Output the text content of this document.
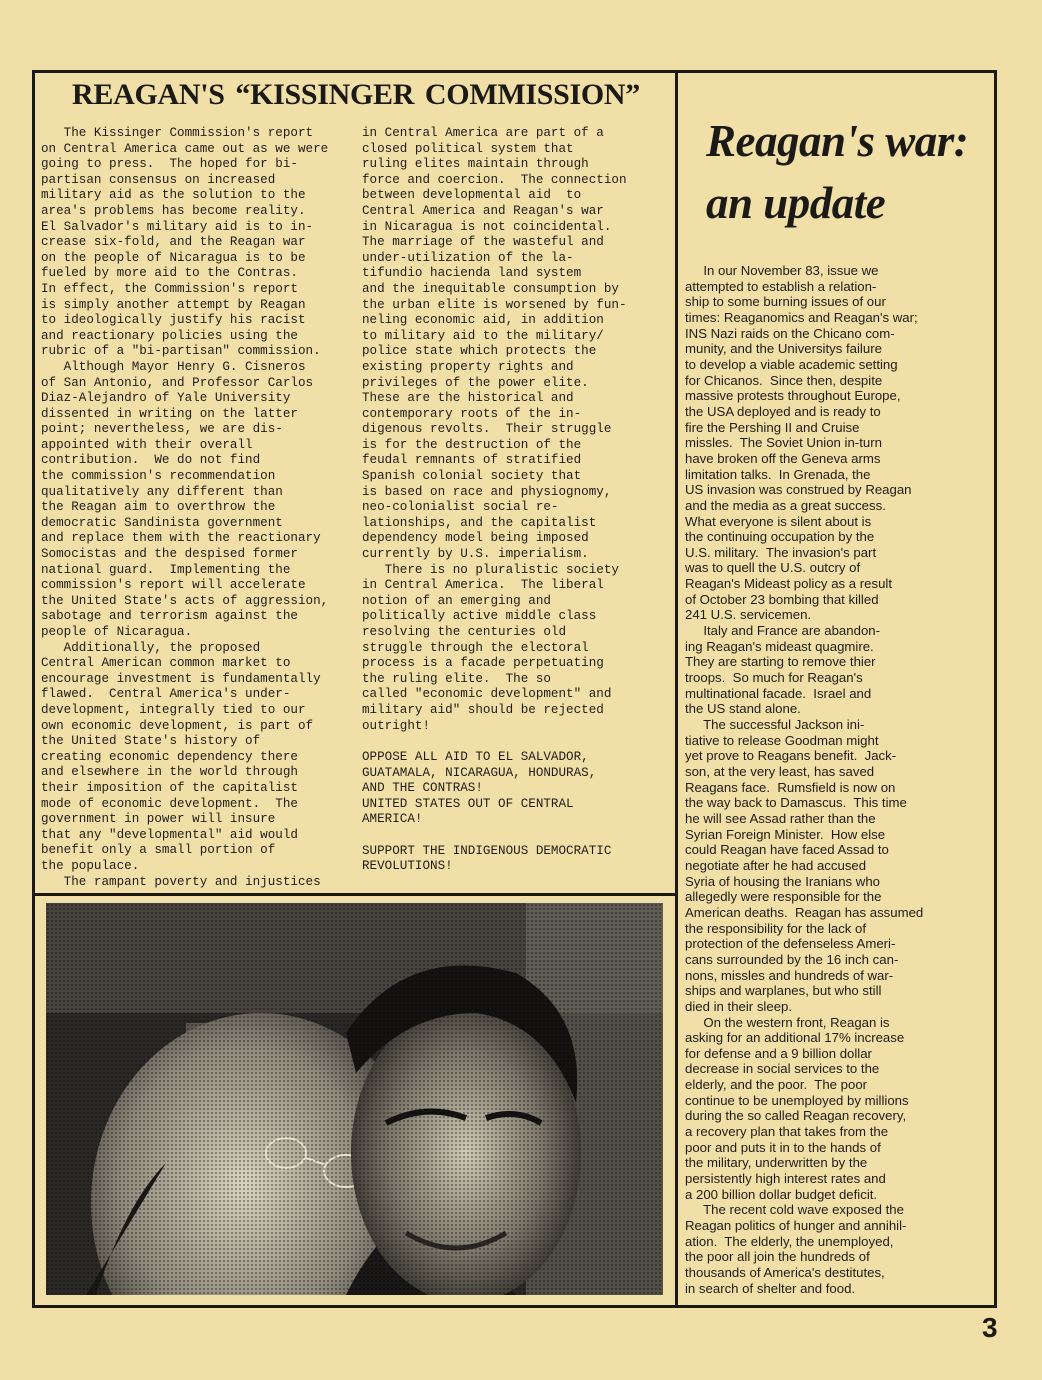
REAGAN'S “KISSINGER COMMISSION”
The Kissinger Commission's report
on Central America came out as we were
going to press.  The hoped for bi-
partisan consensus on increased
military aid as the solution to the
area's problems has become reality.
El Salvador's military aid is to in-
crease six-fold, and the Reagan war
on the people of Nicaragua is to be
fueled by more aid to the Contras.
In effect, the Commission's report
is simply another attempt by Reagan
to ideologically justify his racist
and reactionary policies using the
rubric of a "bi-partisan" commission.
Although Mayor Henry G. Cisneros
of San Antonio, and Professor Carlos
Diaz-Alejandro of Yale University
dissented in writing on the latter
point; nevertheless, we are dis-
appointed with their overall
contribution.  We do not find
the commission's recommendation
qualitatively any different than
the Reagan aim to overthrow the
democratic Sandinista government
and replace them with the reactionary
Somocistas and the despised former
national guard.  Implementing the
commission's report will accelerate
the United State's acts of aggression,
sabotage and terrorism against the
people of Nicaragua.
Additionally, the proposed
Central American common market to
encourage investment is fundamentally
flawed.  Central America's under-
development, integrally tied to our
own economic development, is part of
the United State's history of
creating economic dependency there
and elsewhere in the world through
their imposition of the capitalist
mode of economic development.  The
government in power will insure
that any "developmental" aid would
benefit only a small portion of
the populace.
The rampant poverty and injustices
in Central America are part of a
closed political system that
ruling elites maintain through
force and coercion.  The connection
between developmental aid  to
Central America and Reagan's war
in Nicaragua is not coincidental.
The marriage of the wasteful and
under-utilization of the la-
tifundio hacienda land system
and the inequitable consumption by
the urban elite is worsened by fun-
neling economic aid, in addition
to military aid to the military/
police state which protects the
existing property rights and
privileges of the power elite.
These are the historical and
contemporary roots of the in-
digenous revolts.  Their struggle
is for the destruction of the
feudal remnants of stratified
Spanish colonial society that
is based on race and physiognomy,
neo-colonialist social re-
lationships, and the capitalist
dependency model being imposed
currently by U.S. imperialism.
There is no pluralistic society
in Central America.  The liberal
notion of an emerging and
politically active middle class
resolving the centuries old
struggle through the electoral
process is a facade perpetuating
the ruling elite.  The so
called "economic development" and
military aid" should be rejected
outright!
OPPOSE ALL AID TO EL SALVADOR,
GUATAMALA, NICARAGUA, HONDURAS,
AND THE CONTRAS!
UNITED STATES OUT OF CENTRAL
AMERICA!

SUPPORT THE INDIGENOUS DEMOCRATIC
REVOLUTIONS!
Reagan's war: an update
In our November 83, issue we
attempted to establish a relation-
ship to some burning issues of our
times: Reaganomics and Reagan's war;
INS Nazi raids on the Chicano com-
munity, and the Universitys failure
to develop a viable academic setting
for Chicanos.  Since then, despite
massive protests throughout Europe,
the USA deployed and is ready to
fire the Pershing II and Cruise
missles.  The Soviet Union in-turn
have broken off the Geneva arms
limitation talks.  In Grenada, the
US invasion was construed by Reagan
and the media as a great success.
What everyone is silent about is
the continuing occupation by the
U.S. military.  The invasion's part
was to quell the U.S. outcry of
Reagan's Mideast policy as a result
of October 23 bombing that killed
241 U.S. servicemen.
Italy and France are abandon-
ing Reagan's mideast quagmire.
They are starting to remove thier
troops.  So much for Reagan's
multinational facade.  Israel and
the US stand alone.
The successful Jackson ini-
tiative to release Goodman might
yet prove to Reagans benefit.  Jack-
son, at the very least, has saved
Reagans face.  Rumsfield is now on
the way back to Damascus.  This time
he will see Assad rather than the
Syrian Foreign Minister.  How else
could Reagan have faced Assad to
negotiate after he had accused
Syria of housing the Iranians who
allegedly were responsible for the
American deaths.  Reagan has assumed
the responsibility for the lack of
protection of the defenseless Ameri-
cans surrounded by the 16 inch can-
nons, missles and hundreds of war-
ships and warplanes, but who still
died in their sleep.
On the western front, Reagan is
asking for an additional 17% increase
for defense and a 9 billion dollar
decrease in social services to the
elderly, and the poor.  The poor
continue to be unemployed by millions
during the so called Reagan recovery,
a recovery plan that takes from the
poor and puts it in to the hands of
the military, underwritten by the
persistently high interest rates and
a 200 billion dollar budget deficit.
The recent cold wave exposed the
Reagan politics of hunger and annihil-
ation.  The elderly, the unemployed,
the poor all join the hundreds of
thousands of America's destitutes,
in search of shelter and food.
3
